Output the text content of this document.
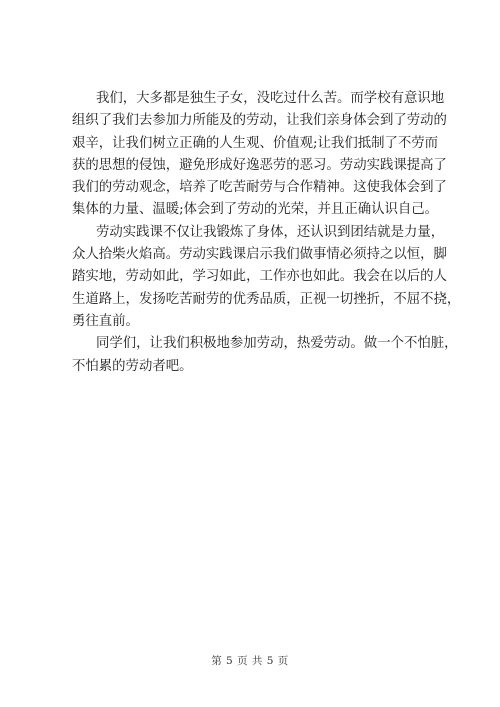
我们，大多都是独生子女，没吃过什么苦。而学校有意识地
组织了我们去参加力所能及的劳动，让我们亲身体会到了劳动的
艰辛，让我们树立正确的人生观、价值观;让我们抵制了不劳而
获的思想的侵蚀，避免形成好逸恶劳的恶习。劳动实践课提高了
我们的劳动观念，培养了吃苦耐劳与合作精神。这使我体会到了
集体的力量、温暖;体会到了劳动的光荣，并且正确认识自己。
劳动实践课不仅让我锻炼了身体，还认识到团结就是力量，
众人拾柴火焰高。劳动实践课启示我们做事情必须持之以恒，脚
踏实地，劳动如此，学习如此，工作亦也如此。我会在以后的人
生道路上，发扬吃苦耐劳的优秀品质，正视一切挫折，不屈不挠，
勇往直前。
同学们，让我们积极地参加劳动，热爱劳动。做一个不怕脏，
不怕累的劳动者吧。
第 5 页 共 5 页
